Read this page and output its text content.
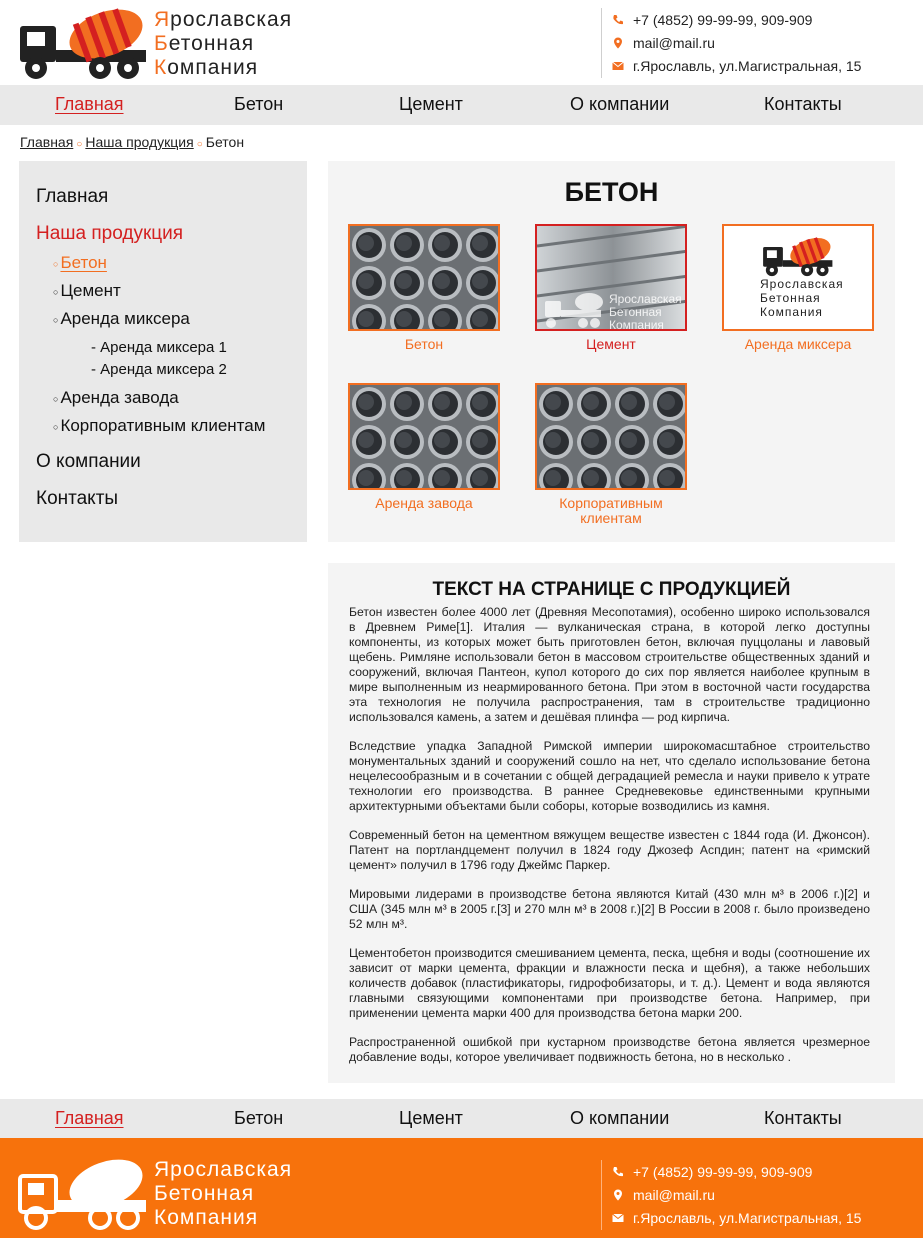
Ярославская
Бетонная
Компания
+7 (4852) 99-99-99, 909-909
mail@mail.ru
г.Ярославль, ул.Магистральная, 15
Главная	Бетон	Цемент	О компании	Контакты
Главная ○ Наша продукция ○ Бетон
Главная
Наша продукция
○ Бетон
○ Цемент
○ Аренда миксера
- Аренда миксера 1
- Аренда миксера 2
○ Аренда завода
○ Корпоративным клиентам
О компании
Контакты
БЕТОН
Бетон
Ярославская
Бетонная
Компания
Цемент
Ярославская
Бетонная
Компания
Аренда миксера
Аренда завода	Корпоративным клиентам
ТЕКСТ НА СТРАНИЦЕ С ПРОДУКЦИЕЙ

Бетон известен более 4000 лет (Древняя Месопотамия), особенно широко использовался в Древнем Риме[1]. Италия — вулканическая страна, в которой легко доступны компоненты, из которых может быть приготовлен бетон, включая пуццоланы и лавовый щебень. Римляне использовали бетон в массовом строительстве общественных зданий и сооружений, включая Пантеон, купол которого до сих пор является наиболее крупным в мире выполненным из неармированного бетона. При этом в восточной части государства эта технология не получила распространения, там в строительстве традиционно использовался камень, а затем и дешёвая плинфа — род кирпича.

Вследствие упадка Западной Римской империи широкомасштабное строительство монументальных зданий и сооружений сошло на нет, что сделало использование бетона нецелесообразным и в сочетании с общей деградацией ремесла и науки привело к утрате технологии его производства. В раннее Средневековье единственными крупными архитектурными объектами были соборы, которые возводились из камня.

Современный бетон на цементном вяжущем веществе известен с 1844 года (И. Джонсон). Патент на портландцемент получил в 1824 году Джозеф Аспдин; патент на «римский цемент» получил в 1796 году Джеймс Паркер.

Мировыми лидерами в производстве бетона являются Китай (430 млн м³ в 2006 г.)[2] и США (345 млн м³ в 2005 г.[3] и 270 млн м³ в 2008 г.)[2] В России в 2008 г. было произведено 52 млн м³.

Цементобетон производится смешиванием цемента, песка, щебня и воды (соотношение их зависит от марки цемента, фракции и влажности песка и щебня), а также небольших количеств добавок (пластификаторы, гидрофобизаторы, и т. д.). Цемент и вода являются главными связующими компонентами при производстве бетона. Например, при применении цемента марки 400 для производства бетона марки 200.

Распространенной ошибкой при кустарном производстве бетона является чрезмерное добавление воды, которое увеличивает подвижность бетона, но в несколько .

Главная	Бетон	Цемент	О компании	Контакты
Ярославская
Бетонная
Компания
+7 (4852) 99-99-99, 909-909
mail@mail.ru
г.Ярославль, ул.Магистральная, 15
